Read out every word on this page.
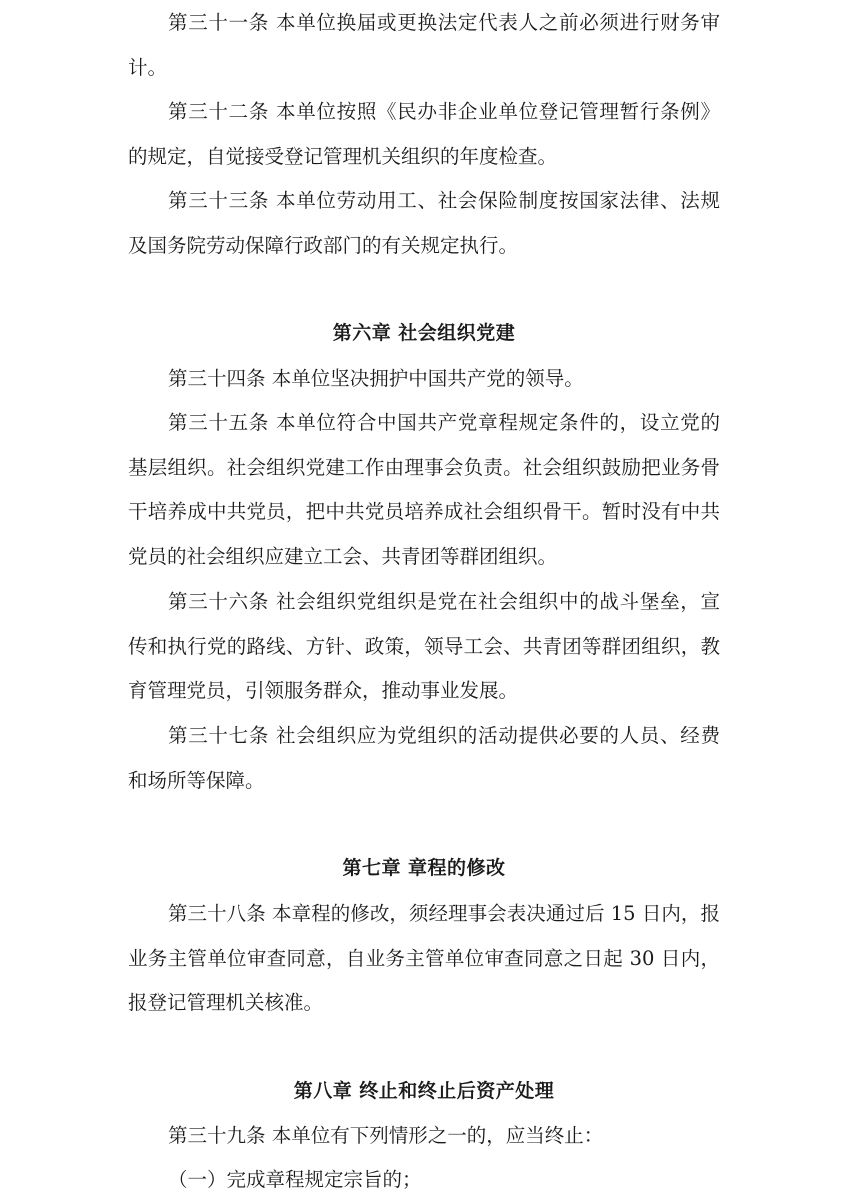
第三十一条 本单位换届或更换法定代表人之前必须进行财务审计。

第三十二条 本单位按照《民办非企业单位登记管理暂行条例》的规定，自觉接受登记管理机关组织的年度检查。

第三十三条 本单位劳动用工、社会保险制度按国家法律、法规及国务院劳动保障行政部门的有关规定执行。

第六章 社会组织党建

第三十四条 本单位坚决拥护中国共产党的领导。

第三十五条 本单位符合中国共产党章程规定条件的，设立党的基层组织。社会组织党建工作由理事会负责。社会组织鼓励把业务骨干培养成中共党员，把中共党员培养成社会组织骨干。暂时没有中共党员的社会组织应建立工会、共青团等群团组织。

第三十六条 社会组织党组织是党在社会组织中的战斗堡垒，宣传和执行党的路线、方针、政策，领导工会、共青团等群团组织，教育管理党员，引领服务群众，推动事业发展。

第三十七条 社会组织应为党组织的活动提供必要的人员、经费和场所等保障。

第七章 章程的修改

第三十八条 本章程的修改，须经理事会表决通过后 15 日内，报业务主管单位审查同意，自业务主管单位审查同意之日起 30 日内，报登记管理机关核准。

第八章 终止和终止后资产处理

第三十九条 本单位有下列情形之一的，应当终止：

（一）完成章程规定宗旨的；
